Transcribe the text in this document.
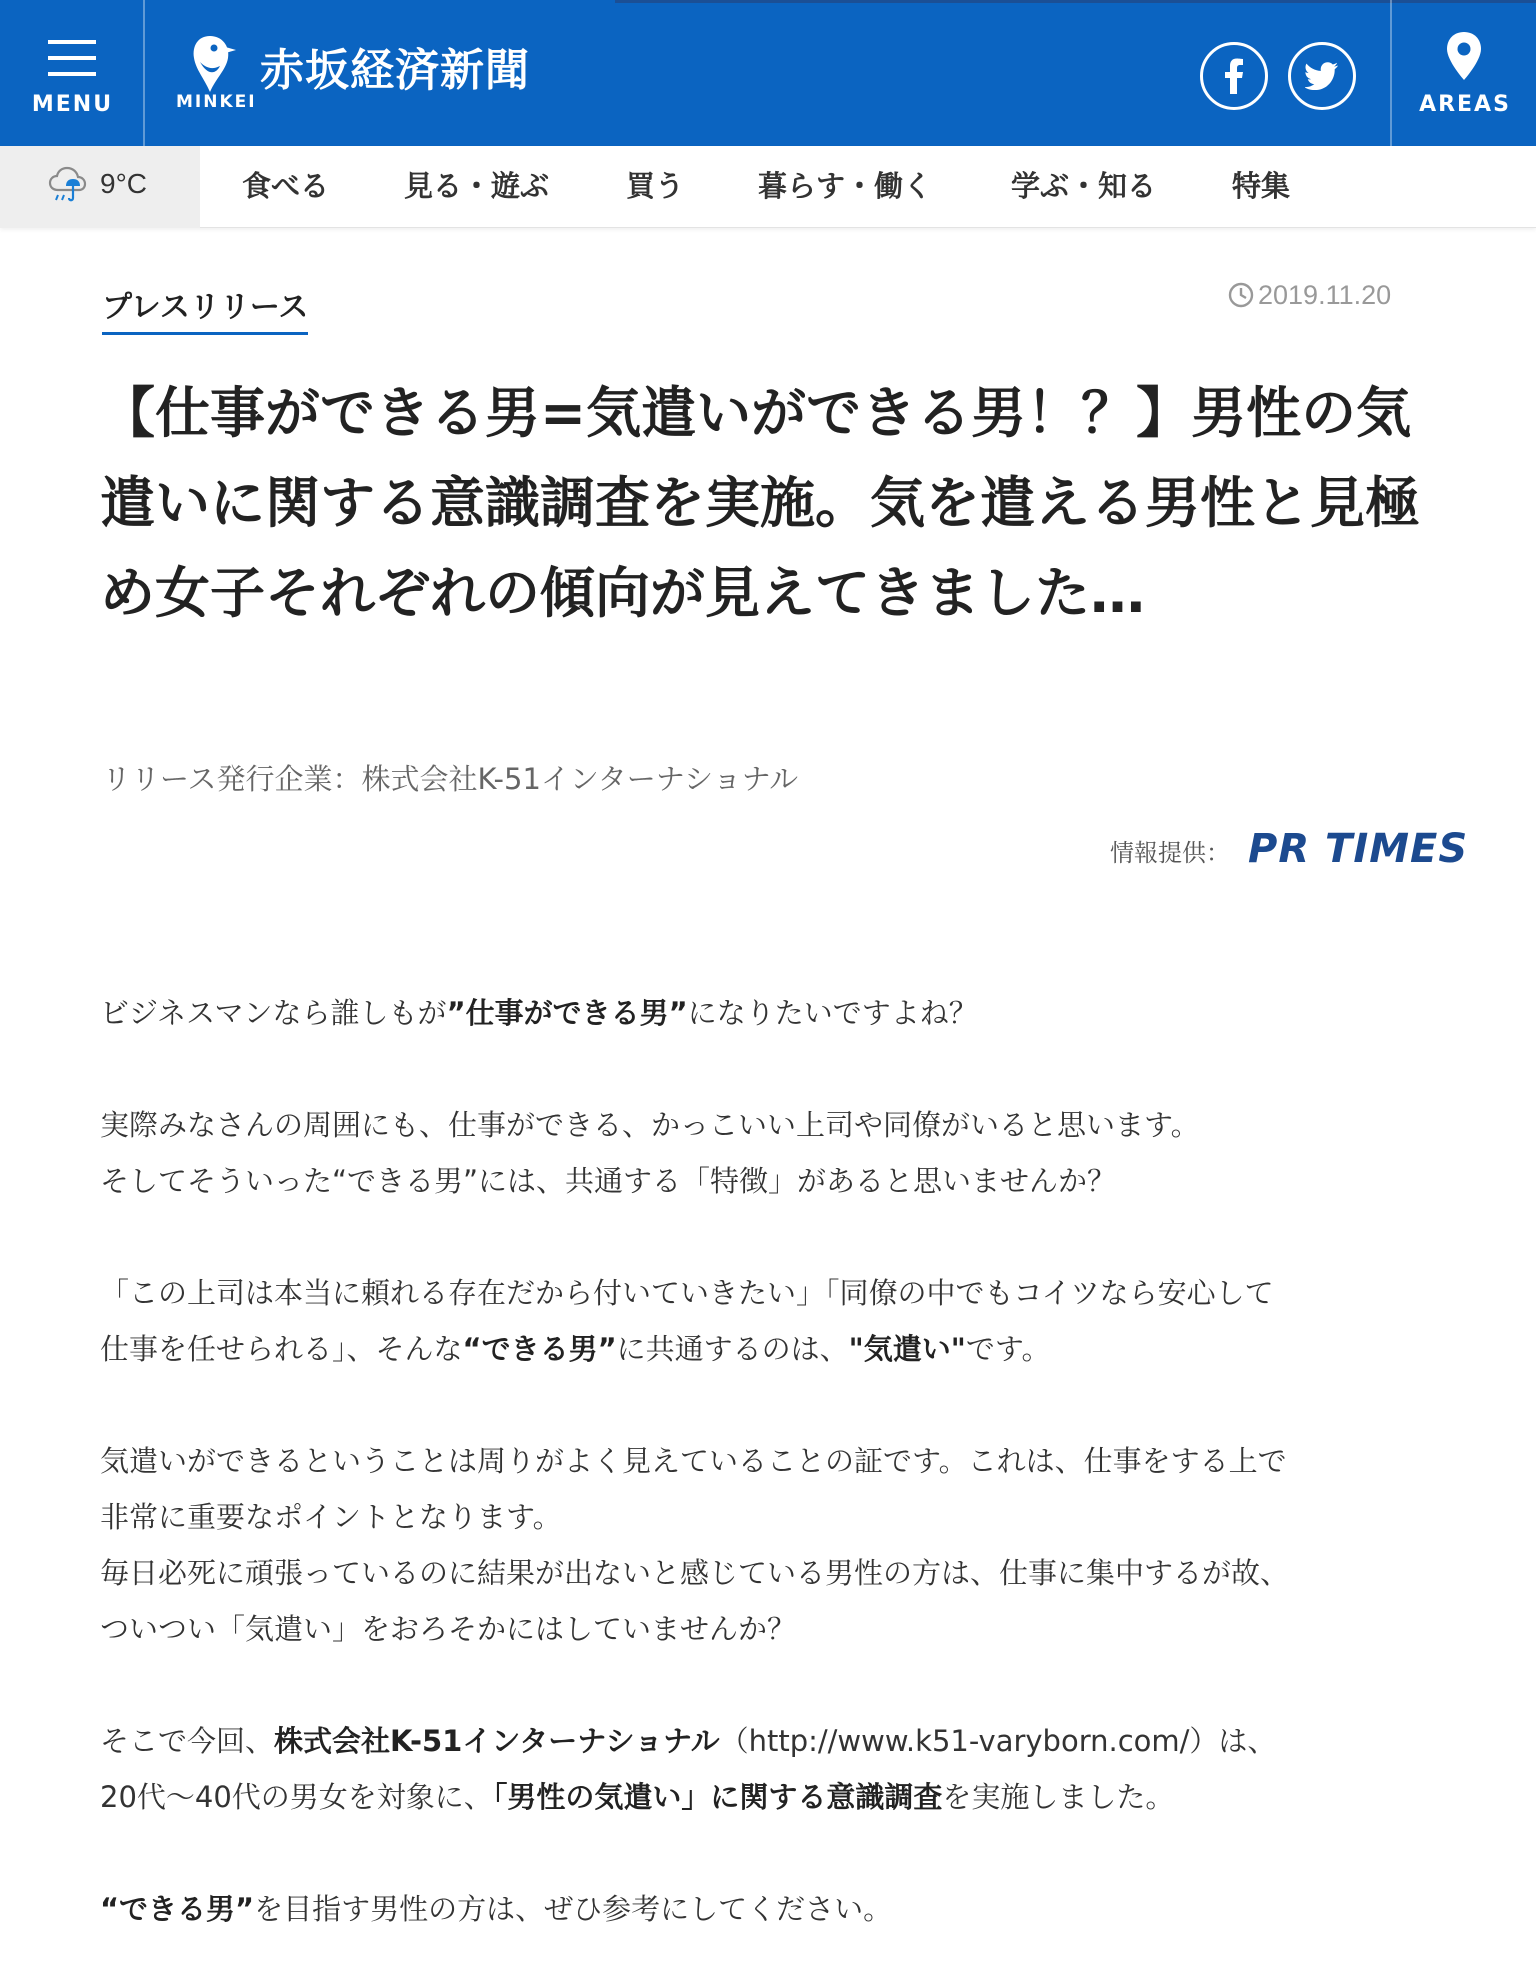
MENU	MINKEI
赤坂経済新聞
AREAS
9°C	食べる	見る・遊ぶ	買う	暮らす・働く	学ぶ・知る	特集
プレスリリース	2019.11.20
【仕事ができる男=気遣いができる男！？】男性の気遣いに関する意識調査を実施。気を遣える男性と見極め女子それぞれの傾向が見えてきました…
リリース発行企業：株式会社K-51インターナショナル
情報提供： PR TIMES

ビジネスマンなら誰しもが”仕事ができる男”になりたいですよね？

実際みなさんの周囲にも、仕事ができる、かっこいい上司や同僚がいると思います。

そしてそういった“できる男”には、共通する「特徴」があると思いませんか？

「この上司は本当に頼れる存在だから付いていきたい」「同僚の中でもコイツなら安心して

仕事を任せられる」、そんな“できる男”に共通するのは、"気遣い"です。

気遣いができるということは周りがよく見えていることの証です。これは、仕事をする上で

非常に重要なポイントとなります。

毎日必死に頑張っているのに結果が出ないと感じている男性の方は、仕事に集中するが故、

ついつい「気遣い」をおろそかにはしていませんか？

そこで今回、株式会社K-51インターナショナル（http://www.k51-varyborn.com/）は、

20代〜40代の男女を対象に、「男性の気遣い」に関する意識調査を実施しました。

“できる男”を目指す男性の方は、ぜひ参考にしてください。
